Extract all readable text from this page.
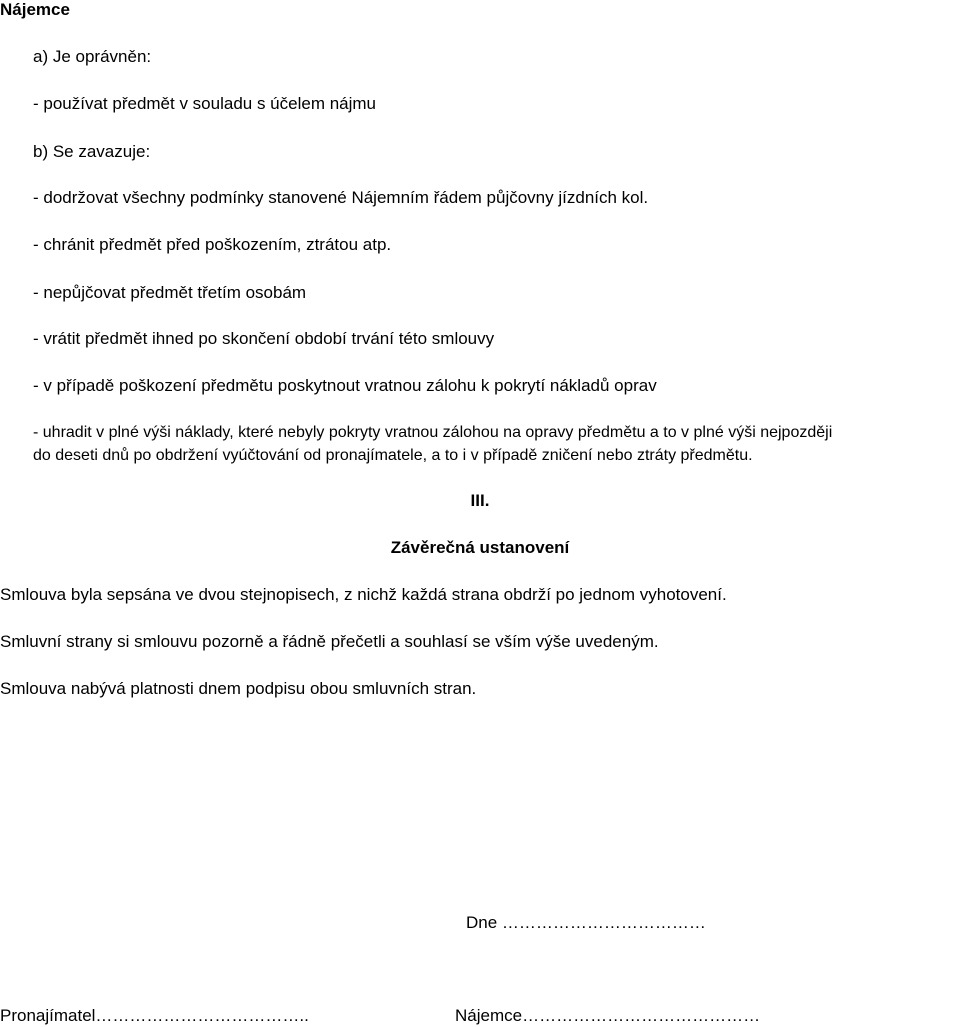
Nájemce
a) Je oprávněn:
- používat předmět v souladu s účelem nájmu
b) Se zavazuje:
- dodržovat všechny podmínky stanovené Nájemním řádem půjčovny jízdních kol.
- chránit předmět před poškozením, ztrátou atp.
- nepůjčovat předmět třetím osobám
- vrátit předmět ihned po skončení období trvání této smlouvy
- v případě poškození předmětu poskytnout vratnou zálohu k pokrytí nákladů oprav
- uhradit v plné výši náklady, které nebyly pokryty vratnou zálohou na opravy předmětu a to v plné výši nejpozději
do deseti dnů po obdržení vyúčtování od pronajímatele, a to i v případě zničení nebo ztráty předmětu.
III.
Závěrečná ustanovení
Smlouva byla sepsána ve dvou stejnopisech, z nichž každá strana obdrží po jednom vyhotovení.
Smluvní strany si smlouvu pozorně a řádně přečetli a souhlasí se vším výše uvedeným.
Smlouva nabývá platnosti dnem podpisu obou smluvních stran.
Dne ………………………………
Pronajímatel………………………………..	Nájemce……………………………………
